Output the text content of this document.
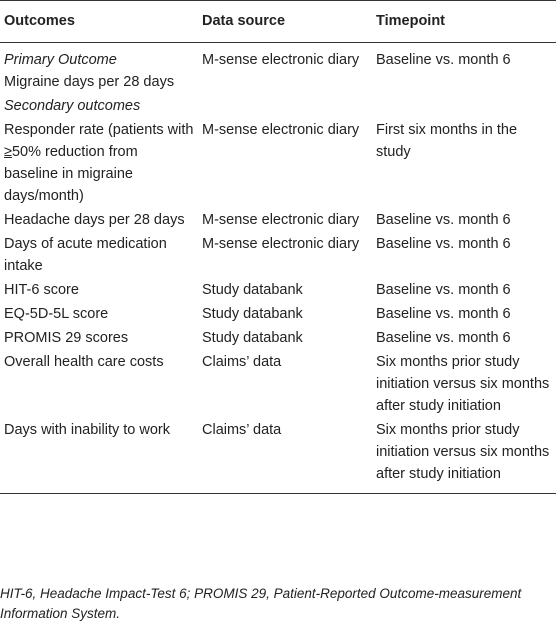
Outcomes	Data source	Timepoint

Primary Outcome
Migraine days per 28 days	M-sense electronic diary	Baseline vs. month 6
Secondary outcomes		
Responder rate (patients with ≥50% reduction from baseline in migraine days/month)	M-sense electronic diary	First six months in the study
Headache days per 28 days	M-sense electronic diary	Baseline vs. month 6
Days of acute medication intake	M-sense electronic diary	Baseline vs. month 6
HIT-6 score	Study databank	Baseline vs. month 6
EQ-5D-5L score	Study databank	Baseline vs. month 6
PROMIS 29 scores	Study databank	Baseline vs. month 6
Overall health care costs	Claims’ data	Six months prior study initiation versus six months after study initiation
Days with inability to work	Claims’ data	Six months prior study initiation versus six months after study initiation
HIT-6, Headache Impact-Test 6; PROMIS 29, Patient-Reported Outcome-measurement Information System.
